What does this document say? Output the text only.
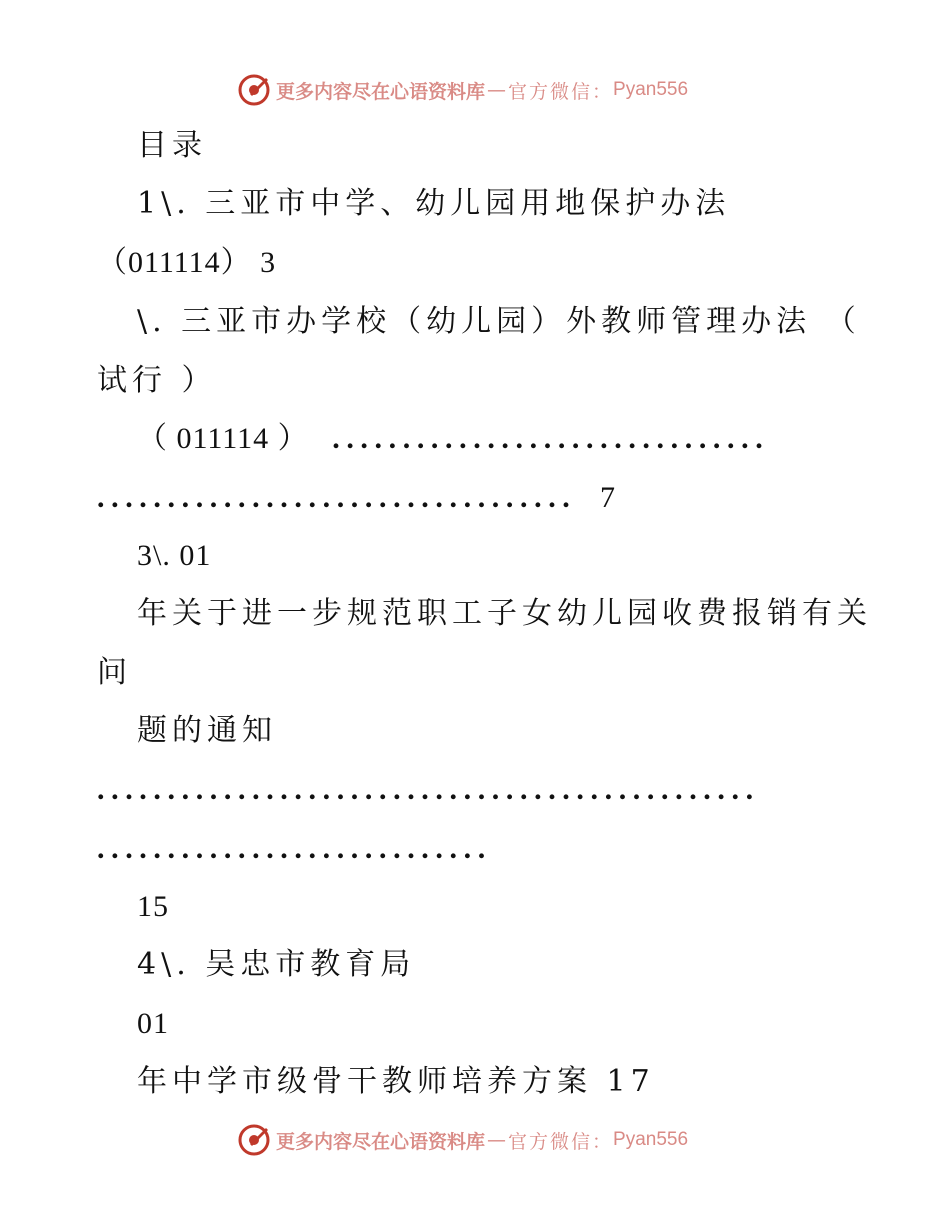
更多内容尽在心语资料库 — 官方微信： Pyan556
目录
1\. 三亚市中学、幼儿园用地保护办法
（011114） 3
\. 三亚市办学校（幼儿园）外教师管理办法 （
试行 ）
（ 011114 ） ...............................
.................................. 7
3\. 01
年关于进一步规范职工子女幼儿园收费报销有关
问
题的通知
...............................................
............................
15
4\. 吴忠市教育局
01
年中学市级骨干教师培养方案 17
更多内容尽在心语资料库 — 官方微信： Pyan556
